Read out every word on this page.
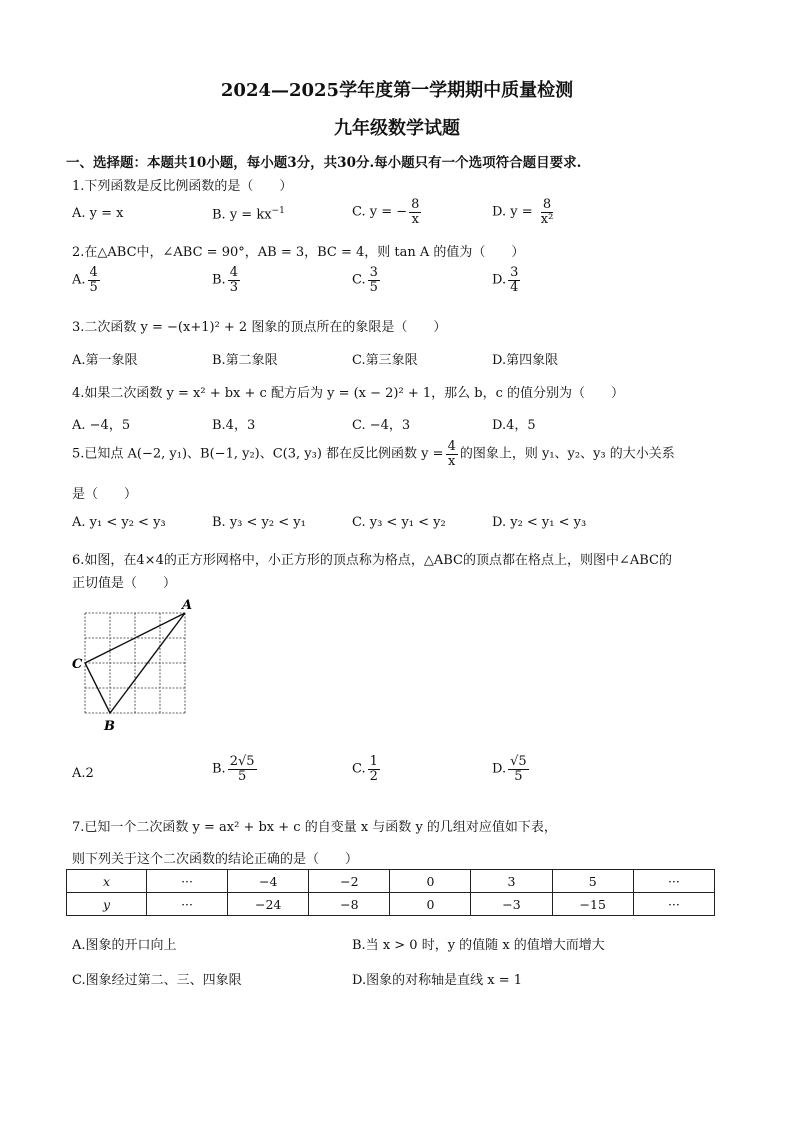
2024—2025学年度第一学期期中质量检测
九年级数学试题
一、选择题：本题共10小题，每小题3分，共30分.每小题只有一个选项符合题目要求.
1.下列函数是反比例函数的是（　　）
A. y = x	B. $y = kx^{-1}$	C. y = − $\frac{8}{x}$	D. $y = \frac{8}{\text{x²}}$
2.在△ABC中，∠ABC = 90°，AB = 3，BC = 4，则 tan A 的值为（　　）
A. $\frac{4}{5}$	B. $\frac{4}{3}$	C. $\frac{3}{5}$	D. $\frac{3}{4}$
3.二次函数 y = −(x+1)² + 2 图象的顶点所在的象限是（　　）
A.第一象限	B.第二象限	C.第三象限	D.第四象限
4.如果二次函数 y = x² + bx + c 配方后为 y = (x − 2)² + 1，那么 b，c 的值分别为（　　）
A. −4，5	B.4，3	C. −4，3	D.4，5
5.已知点 A(−2, y₁)、B(−1, y₂)、C(3, y₃) 都在反比例函数 $y = \frac{4}{x}$ 的图象上，则 y₁、y₂、y₃ 的大小关系
是（　　）
A. y₁ < y₂ < y₃	B. y₃ < y₂ < y₁	C. y₃ < y₁ < y₂	D. y₂ < y₁ < y₃
6.如图，在4×4的正方形网格中，小正方形的顶点称为格点，△ABC的顶点都在格点上，则图中∠ABC的
正切值是（　　）
A
C
B
A.2	B. $\frac{2√5}{5}$	C. $\frac{1}{2}$	D. $\frac{√5}{5}$
7.已知一个二次函数 y = ax² + bx + c 的自变量 x 与函数 y 的几组对应值如下表，
则下列关于这个二次函数的结论正确的是（　　）
x	···	−4	−2	0	3	5	···
y	···	−24	−8	0	−3	−15	···
A.图象的开口向上	B.当 x > 0 时，y 的值随 x 的值增大而增大
C.图象经过第二、三、四象限	D.图象的对称轴是直线 x = 1
